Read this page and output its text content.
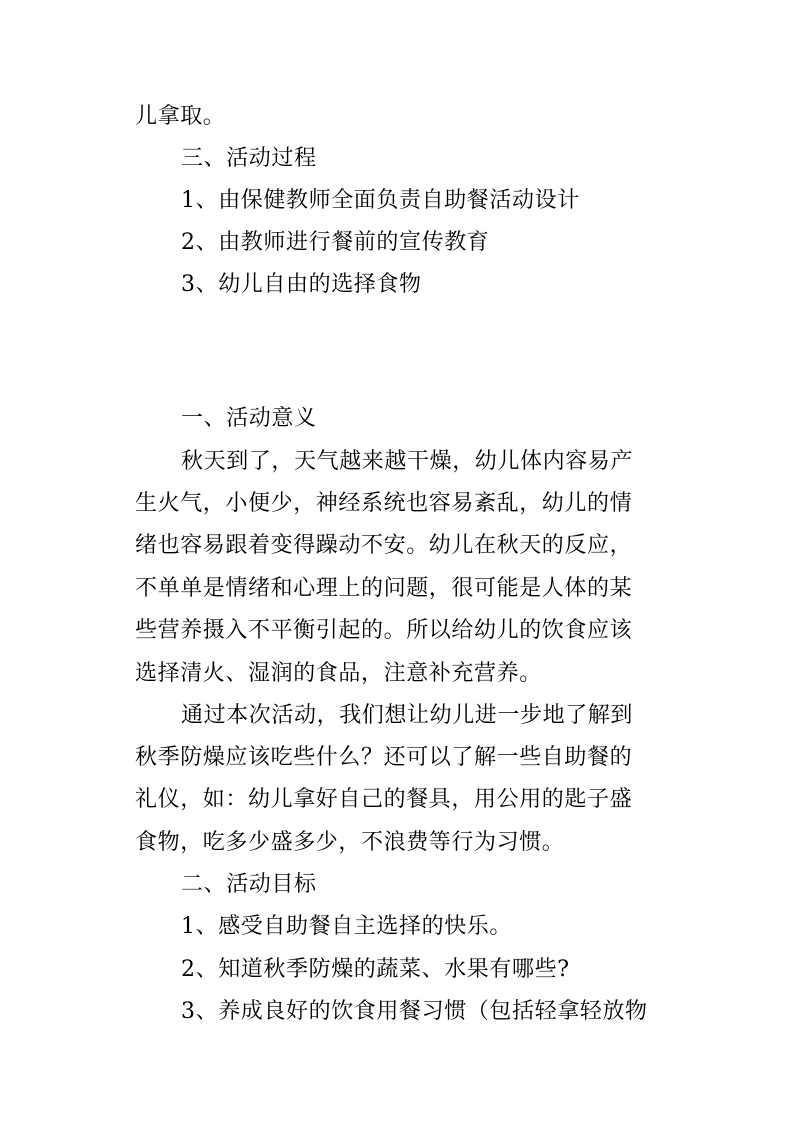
儿拿取。
三、活动过程
1、由保健教师全面负责自助餐活动设计
2、由教师进行餐前的宣传教育
3、幼儿自由的选择食物
一、活动意义
秋天到了，天气越来越干燥，幼儿体内容易产
生火气，小便少，神经系统也容易紊乱，幼儿的情
绪也容易跟着变得躁动不安。幼儿在秋天的反应，
不单单是情绪和心理上的问题，很可能是人体的某
些营养摄入不平衡引起的。所以给幼儿的饮食应该
选择清火、湿润的食品，注意补充营养。
通过本次活动，我们想让幼儿进一步地了解到
秋季防燥应该吃些什么？还可以了解一些自助餐的
礼仪，如：幼儿拿好自己的餐具，用公用的匙子盛
食物，吃多少盛多少，不浪费等行为习惯。
二、活动目标
1、感受自助餐自主选择的快乐。
2、知道秋季防燥的蔬菜、水果有哪些?
3、养成良好的饮食用餐习惯（包括轻拿轻放物
